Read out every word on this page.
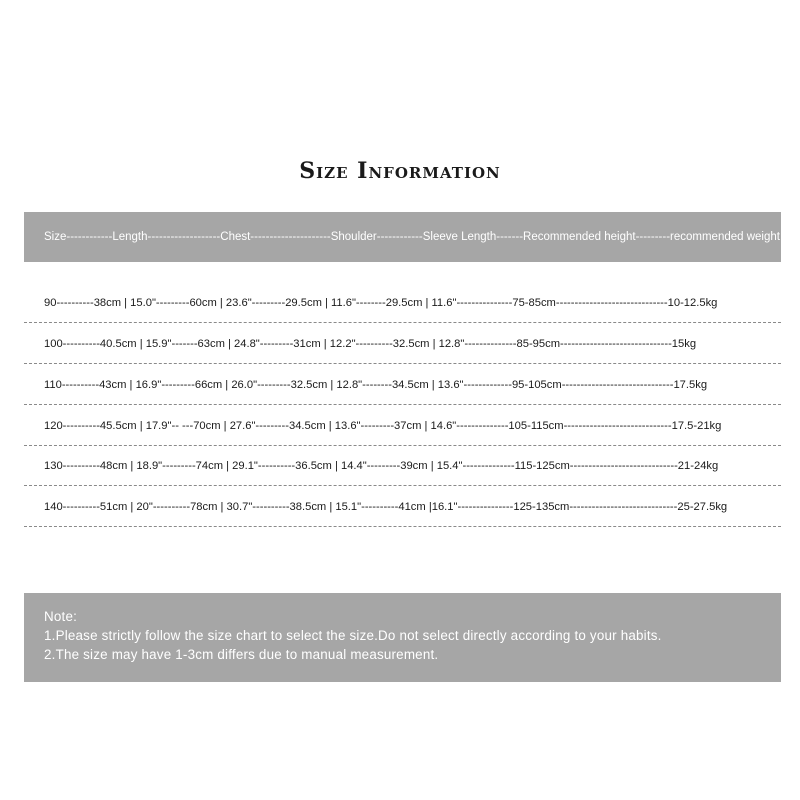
Size Information
Size------------Length-------------------Chest---------------------Shoulder------------Sleeve Length-------Recommended height---------recommended weight
90----------38cm | 15.0"---------60cm | 23.6"---------29.5cm | 11.6"--------29.5cm | 11.6"---------------75-85cm------------------------------10-12.5kg
100----------40.5cm | 15.9"-------63cm | 24.8"---------31cm | 12.2"----------32.5cm | 12.8"--------------85-95cm------------------------------15kg
110----------43cm | 16.9"---------66cm | 26.0"---------32.5cm | 12.8"--------34.5cm | 13.6"-------------95-105cm------------------------------17.5kg
120----------45.5cm | 17.9"-- ---70cm | 27.6"---------34.5cm | 13.6"---------37cm | 14.6"--------------105-115cm-----------------------------17.5-21kg
130----------48cm | 18.9"---------74cm | 29.1"----------36.5cm | 14.4"---------39cm | 15.4"--------------115-125cm-----------------------------21-24kg
140----------51cm | 20"----------78cm | 30.7"----------38.5cm | 15.1"----------41cm |16.1"---------------125-135cm-----------------------------25-27.5kg
Note:
1.Please strictly follow the size chart to select the size.Do not select directly according to your habits.
2.The size may have 1-3cm differs due to manual measurement.
